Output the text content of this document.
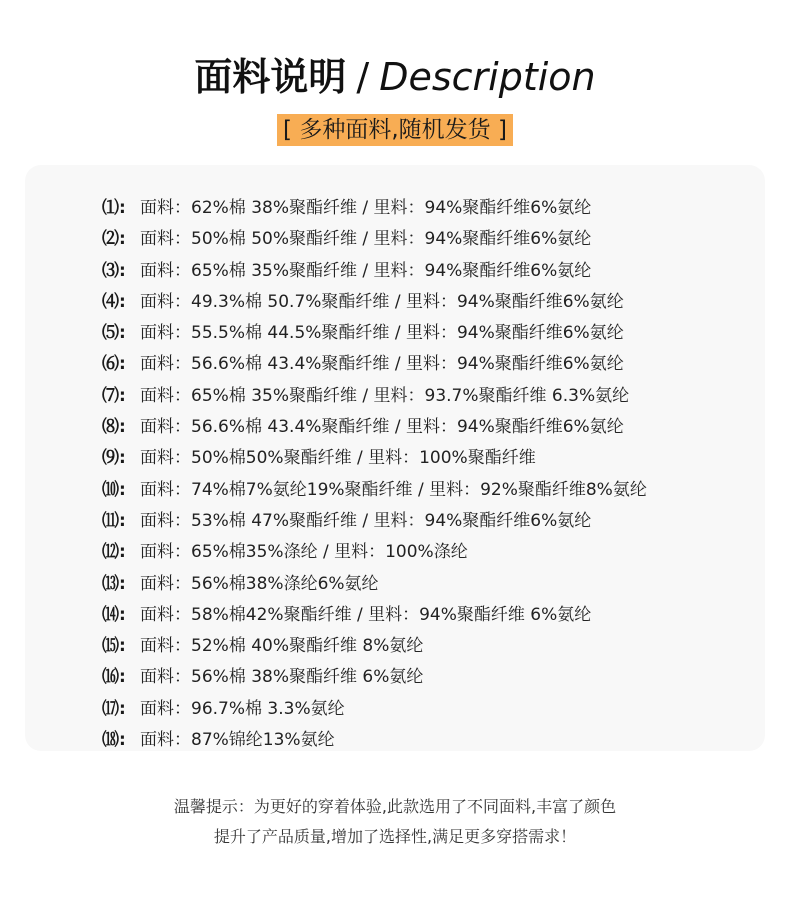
面料说明 / Description
[ 多种面料,随机发货 ]
⑴: 面料：62%棉 38%聚酯纤维 / 里料：94%聚酯纤维6%氨纶
⑵: 面料：50%棉 50%聚酯纤维 / 里料：94%聚酯纤维6%氨纶
⑶: 面料：65%棉 35%聚酯纤维 / 里料：94%聚酯纤维6%氨纶
⑷: 面料：49.3%棉 50.7%聚酯纤维 / 里料：94%聚酯纤维6%氨纶
⑸: 面料：55.5%棉 44.5%聚酯纤维 / 里料：94%聚酯纤维6%氨纶
⑹: 面料：56.6%棉 43.4%聚酯纤维 / 里料：94%聚酯纤维6%氨纶
⑺: 面料：65%棉 35%聚酯纤维 / 里料：93.7%聚酯纤维 6.3%氨纶
⑻: 面料：56.6%棉 43.4%聚酯纤维 / 里料：94%聚酯纤维6%氨纶
⑼: 面料：50%棉50%聚酯纤维 / 里料：100%聚酯纤维
⑽: 面料：74%棉7%氨纶19%聚酯纤维 / 里料：92%聚酯纤维8%氨纶
⑾: 面料：53%棉 47%聚酯纤维 / 里料：94%聚酯纤维6%氨纶
⑿: 面料：65%棉35%涤纶 / 里料：100%涤纶
⒀: 面料：56%棉38%涤纶6%氨纶
⒁: 面料：58%棉42%聚酯纤维 / 里料：94%聚酯纤维 6%氨纶
⒂: 面料：52%棉 40%聚酯纤维 8%氨纶
⒃: 面料：56%棉 38%聚酯纤维 6%氨纶
⒄: 面料：96.7%棉 3.3%氨纶
⒅: 面料：87%锦纶13%氨纶
温馨提示：为更好的穿着体验,此款选用了不同面料,丰富了颜色
提升了产品质量,增加了选择性,满足更多穿搭需求！
